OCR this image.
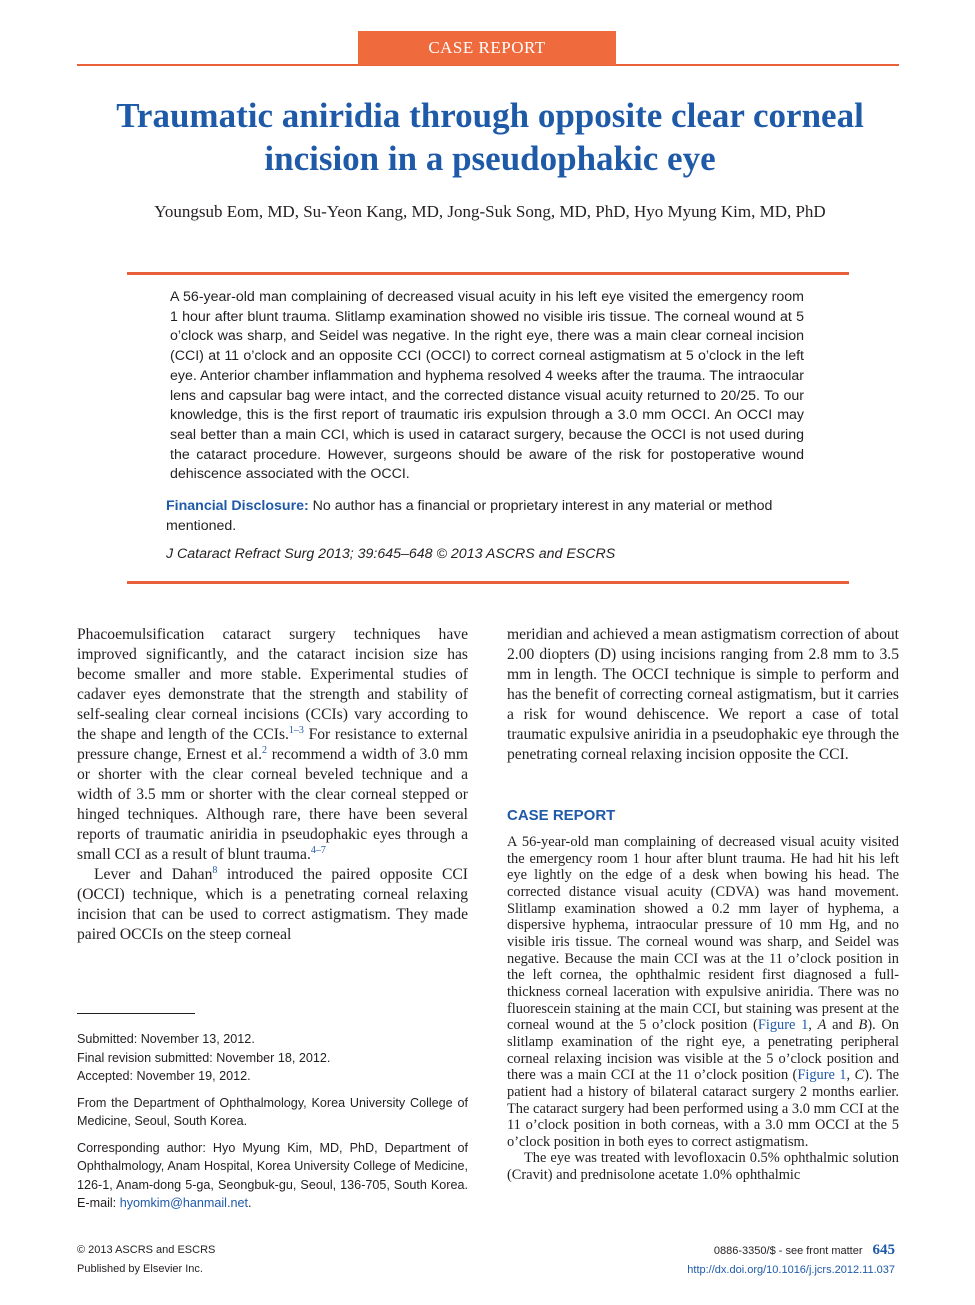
CASE REPORT
Traumatic aniridia through opposite clear corneal incision in a pseudophakic eye
Youngsub Eom, MD, Su-Yeon Kang, MD, Jong-Suk Song, MD, PhD, Hyo Myung Kim, MD, PhD

A 56-year-old man complaining of decreased visual acuity in his left eye visited the emergency room 1 hour after blunt trauma. Slitlamp examination showed no visible iris tissue. The corneal wound at 5 o’clock was sharp, and Seidel was negative. In the right eye, there was a main clear corneal incision (CCI) at 11 o’clock and an opposite CCI (OCCI) to correct corneal astigmatism at 5 o’clock in the left eye. Anterior chamber inflammation and hyphema resolved 4 weeks after the trauma. The intraocular lens and capsular bag were intact, and the corrected distance visual acuity returned to 20/25. To our knowledge, this is the first report of traumatic iris expulsion through a 3.0 mm OCCI. An OCCI may seal better than a main CCI, which is used in cataract surgery, because the OCCI is not used during the cataract procedure. However, surgeons should be aware of the risk for postoperative wound dehiscence associated with the OCCI.

Financial Disclosure: No author has a financial or proprietary interest in any material or method mentioned.

J Cataract Refract Surg 2013; 39:645–648 © 2013 ASCRS and ESCRS

Phacoemulsification cataract surgery techniques have improved significantly, and the cataract incision size has become smaller and more stable. Experimental studies of cadaver eyes demonstrate that the strength and stability of self-sealing clear corneal incisions (CCIs) vary according to the shape and length of the CCIs.$^{1-3}$ For resistance to external pressure change, Ernest et al.$^2$ recommend a width of 3.0 mm or shorter with the clear corneal beveled technique and a width of 3.5 mm or shorter with the clear corneal stepped or hinged techniques. Although rare, there have been several reports of traumatic aniridia in pseudophakic eyes through a small CCI as a result of blunt trauma.$^{4-7}$

Lever and Dahan$^8$ introduced the paired opposite CCI (OCCI) technique, which is a penetrating corneal relaxing incision that can be used to correct astigmatism. They made paired OCCIs on the steep corneal

meridian and achieved a mean astigmatism correction of about 2.00 diopters (D) using incisions ranging from 2.8 mm to 3.5 mm in length. The OCCI technique is simple to perform and has the benefit of correcting corneal astigmatism, but it carries a risk for wound dehiscence. We report a case of total traumatic expulsive aniridia in a pseudophakic eye through the penetrating corneal relaxing incision opposite the CCI.

CASE REPORT

A 56-year-old man complaining of decreased visual acuity visited the emergency room 1 hour after blunt trauma. He had hit his left eye lightly on the edge of a desk when bowing his head. The corrected distance visual acuity (CDVA) was hand movement. Slitlamp examination showed a 0.2 mm layer of hyphema, a dispersive hyphema, intraocular pressure of 10 mm Hg, and no visible iris tissue. The corneal wound was sharp, and Seidel was negative. Because the main CCI was at the 11 o’clock position in the left cornea, the ophthalmic resident first diagnosed a full-thickness corneal laceration with expulsive aniridia. There was no fluorescein staining at the main CCI, but staining was present at the corneal wound at the 5 o’clock position (Figure 1, A and B). On slitlamp examination of the right eye, a penetrating peripheral corneal relaxing incision was visible at the 5 o’clock position and there was a main CCI at the 11 o’clock position (Figure 1, C). The patient had a history of bilateral cataract surgery 2 months earlier. The cataract surgery had been performed using a 3.0 mm CCI at the 11 o’clock position in both corneas, with a 3.0 mm OCCI at the 5 o’clock position in both eyes to correct astigmatism.

The eye was treated with levofloxacin 0.5% ophthalmic solution (Cravit) and prednisolone acetate 1.0% ophthalmic

Submitted: November 13, 2012.
Final revision submitted: November 18, 2012.
Accepted: November 19, 2012.
From the Department of Ophthalmology, Korea University College of Medicine, Seoul, South Korea.
Corresponding author: Hyo Myung Kim, MD, PhD, Department of Ophthalmology, Anam Hospital, Korea University College of Medicine, 126-1, Anam-dong 5-ga, Seongbuk-gu, Seoul, 136-705, South Korea. E-mail: hyomkim@hanmail.net.
© 2013 ASCRS and ESCRS
Published by Elsevier Inc.
0886-3350/$ - see front matter 645
http://dx.doi.org/10.1016/j.jcrs.2012.11.037
